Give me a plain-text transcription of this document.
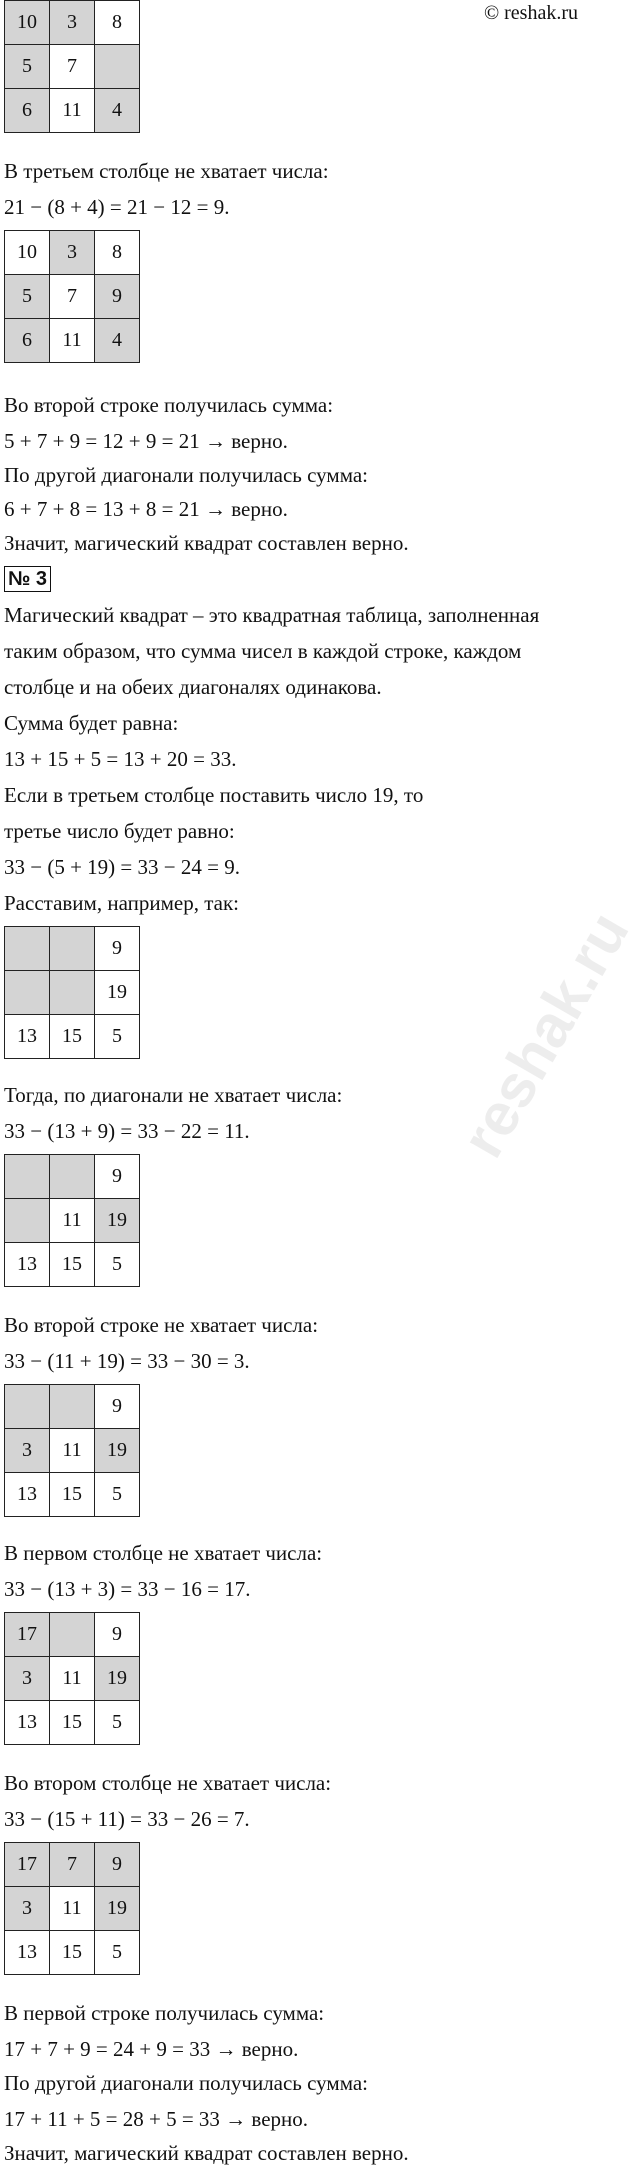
© reshak.ru
reshak.ru
10	3	8
5	7	
6	11	4
В третьем столбце не хватает числа:
21 − (8 + 4) = 21 − 12 = 9.
10	3	8
5	7	9
6	11	4
Во второй строке получилась сумма:
5 + 7 + 9 = 12 + 9 = 21 → верно.
По другой диагонали получилась сумма:
6 + 7 + 8 = 13 + 8 = 21 → верно.
Значит, магический квадрат составлен верно.
№ 3
Магический квадрат – это квадратная таблица, заполненная
таким образом, что сумма чисел в каждой строке, каждом
столбце и на обеих диагоналях одинакова.
Сумма будет равна:
13 + 15 + 5 = 13 + 20 = 33.
Если в третьем столбце поставить число 19, то
третье число будет равно:
33 − (5 + 19) = 33 − 24 = 9.
Расставим, например, так:
		9
		19
13	15	5
Тогда, по диагонали не хватает числа:
33 − (13 + 9) = 33 − 22 = 11.
		9
	11	19
13	15	5
Во второй строке не хватает числа:
33 − (11 + 19) = 33 − 30 = 3.
		9
3	11	19
13	15	5
В первом столбце не хватает числа:
33 − (13 + 3) = 33 − 16 = 17.
17		9
3	11	19
13	15	5
Во втором столбце не хватает числа:
33 − (15 + 11) = 33 − 26 = 7.
17	7	9
3	11	19
13	15	5
В первой строке получилась сумма:
17 + 7 + 9 = 24 + 9 = 33 → верно.
По другой диагонали получилась сумма:
17 + 11 + 5 = 28 + 5 = 33 → верно.
Значит, магический квадрат составлен верно.
